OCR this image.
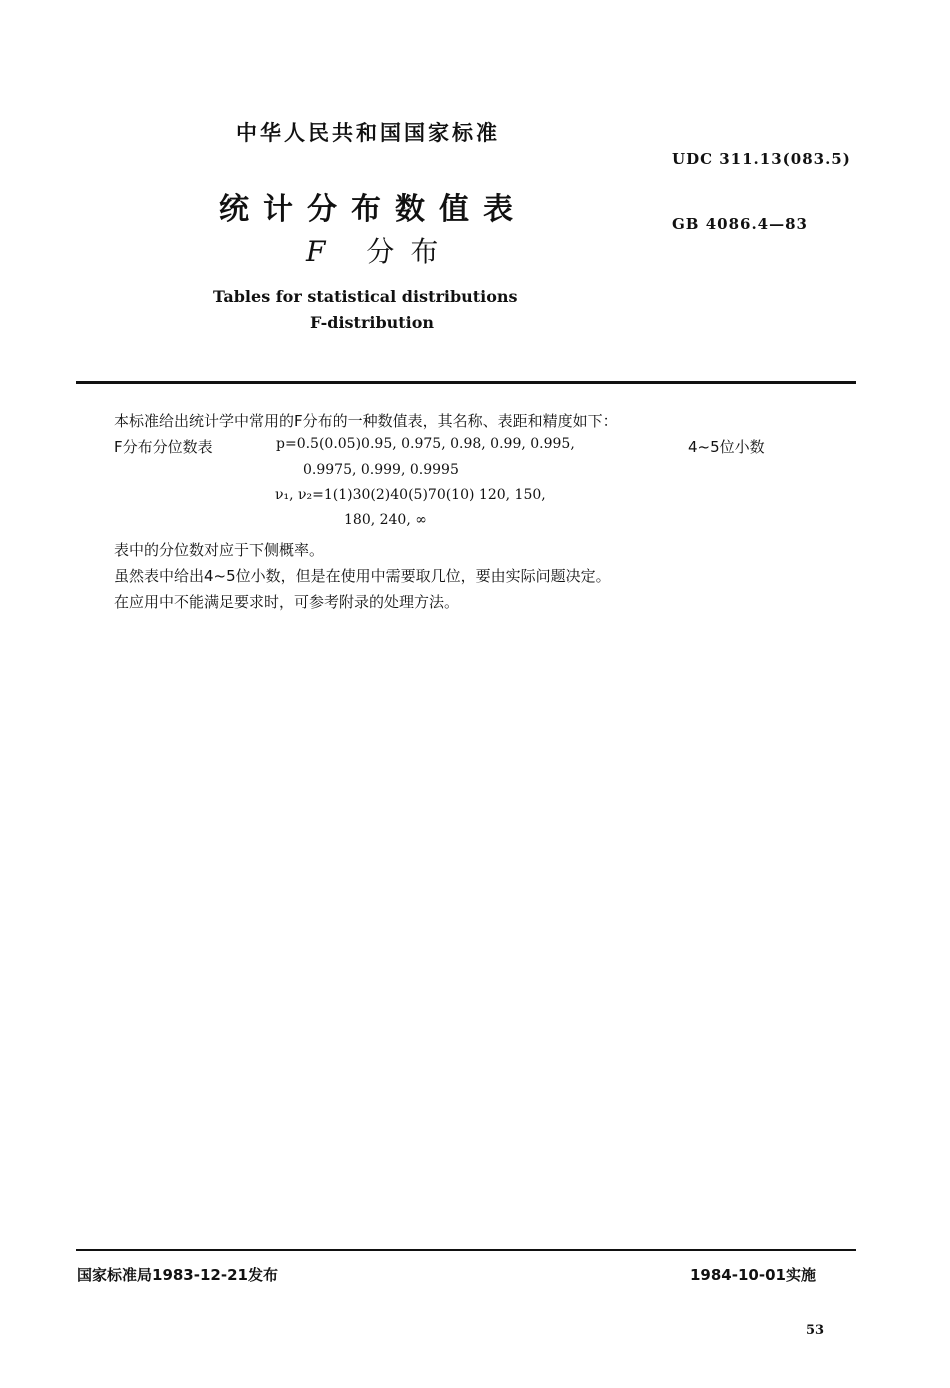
中华人民共和国国家标准
UDC 311.13(083.5)
GB 4086.4—83
统计分布数值表
F 分布
Tables for statistical distributions
F-distribution
本标准给出统计学中常用的F分布的一种数值表，其名称、表距和精度如下：
F分布分位数表	p=0.5(0.05)0.95, 0.975, 0.98, 0.99, 0.995,	4~5位小数
0.9975, 0.999, 0.9995
ν₁, ν₂=1(1)30(2)40(5)70(10) 120, 150,
180, 240, ∞
表中的分位数对应于下侧概率。
虽然表中给出4~5位小数，但是在使用中需要取几位，要由实际问题决定。
在应用中不能满足要求时，可参考附录的处理方法。
国家标准局1983-12-21发布	1984-10-01实施
53
